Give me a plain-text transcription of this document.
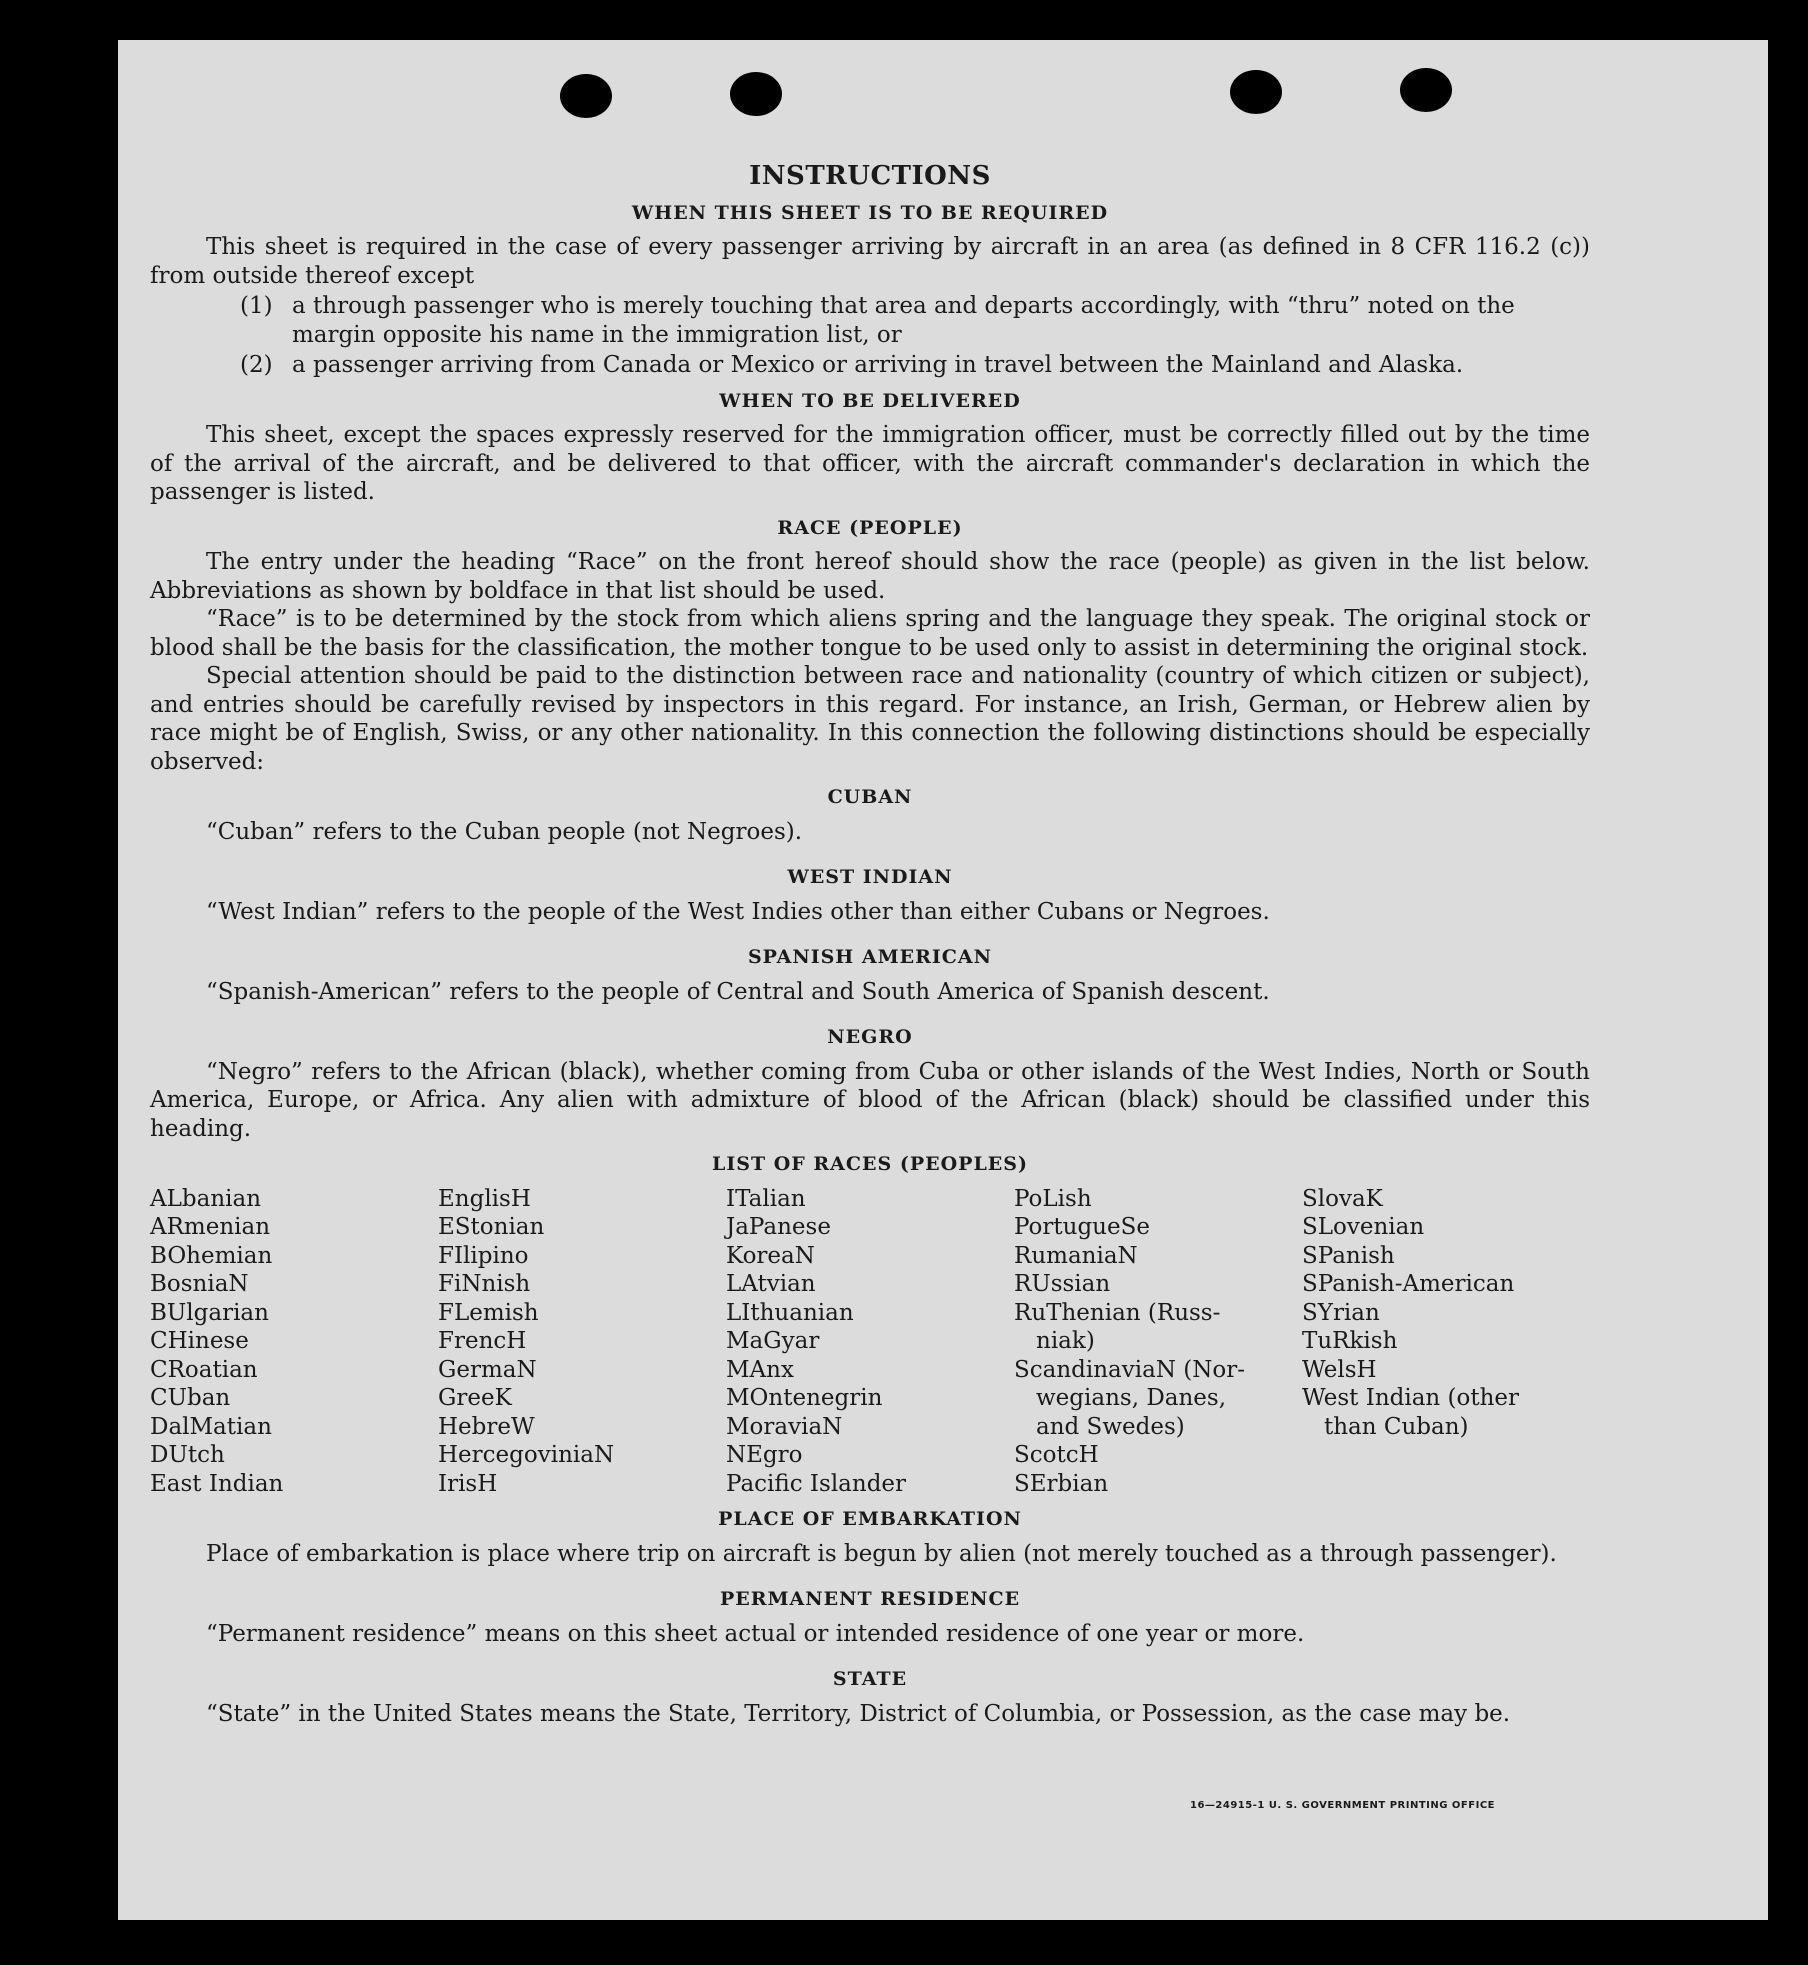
INSTRUCTIONS
WHEN THIS SHEET IS TO BE REQUIRED

This sheet is required in the case of every passenger arriving by aircraft in an area (as defined in 8 CFR 116.2 (c)) from outside thereof except

(1) a through passenger who is merely touching that area and departs accordingly, with “thru” noted on the margin opposite his name in the immigration list, or
(2) a passenger arriving from Canada or Mexico or arriving in travel between the Mainland and Alaska.
WHEN TO BE DELIVERED

This sheet, except the spaces expressly reserved for the immigration officer, must be correctly filled out by the time of the arrival of the aircraft, and be delivered to that officer, with the aircraft commander's declaration in which the passenger is listed.

RACE (PEOPLE)

The entry under the heading “Race” on the front hereof should show the race (people) as given in the list below. Abbreviations as shown by boldface in that list should be used.

“Race” is to be determined by the stock from which aliens spring and the language they speak. The original stock or blood shall be the basis for the classification, the mother tongue to be used only to assist in determining the original stock.

Special attention should be paid to the distinction between race and nationality (country of which citizen or subject), and entries should be carefully revised by inspectors in this regard. For instance, an Irish, German, or Hebrew alien by race might be of English, Swiss, or any other nationality. In this connection the following distinctions should be especially observed:

CUBAN

“Cuban” refers to the Cuban people (not Negroes).

WEST INDIAN

“West Indian” refers to the people of the West Indies other than either Cubans or Negroes.

SPANISH AMERICAN

“Spanish-American” refers to the people of Central and South America of Spanish descent.

NEGRO

“Negro” refers to the African (black), whether coming from Cuba or other islands of the West Indies, North or South America, Europe, or Africa. Any alien with admixture of blood of the African (black) should be classified under this heading.

LIST OF RACES (PEOPLES)
ALbanian
ARmenian
BOhemian
BosniaN
BUlgarian
CHinese
CRoatian
CUban
DalMatian
DUtch
East Indian
EnglisH
EStonian
FIlipino
FiNnish
FLemish
FrencH
GermaN
GreeK
HebreW
HercegoviniaN
IrisH
ITalian
JaPanese
KoreaN
LAtvian
LIthuanian
MaGyar
MAnx
MOntenegrin
MoraviaN
NEgro
Pacific Islander
PoLish
PortugueSe
RumaniaN
RUssian
RuThenian (Russ-
niak)
ScandinaviaN (Nor-
wegians, Danes,
and Swedes)
ScotcH
SErbian
SlovaK
SLovenian
SPanish
SPanish-American
SYrian
TuRkish
WelsH
West Indian (other
than Cuban)
PLACE OF EMBARKATION

Place of embarkation is place where trip on aircraft is begun by alien (not merely touched as a through passenger).

PERMANENT RESIDENCE

“Permanent residence” means on this sheet actual or intended residence of one year or more.

STATE

“State” in the United States means the State, Territory, District of Columbia, or Possession, as the case may be.

16—24915-1 U. S. GOVERNMENT PRINTING OFFICE
